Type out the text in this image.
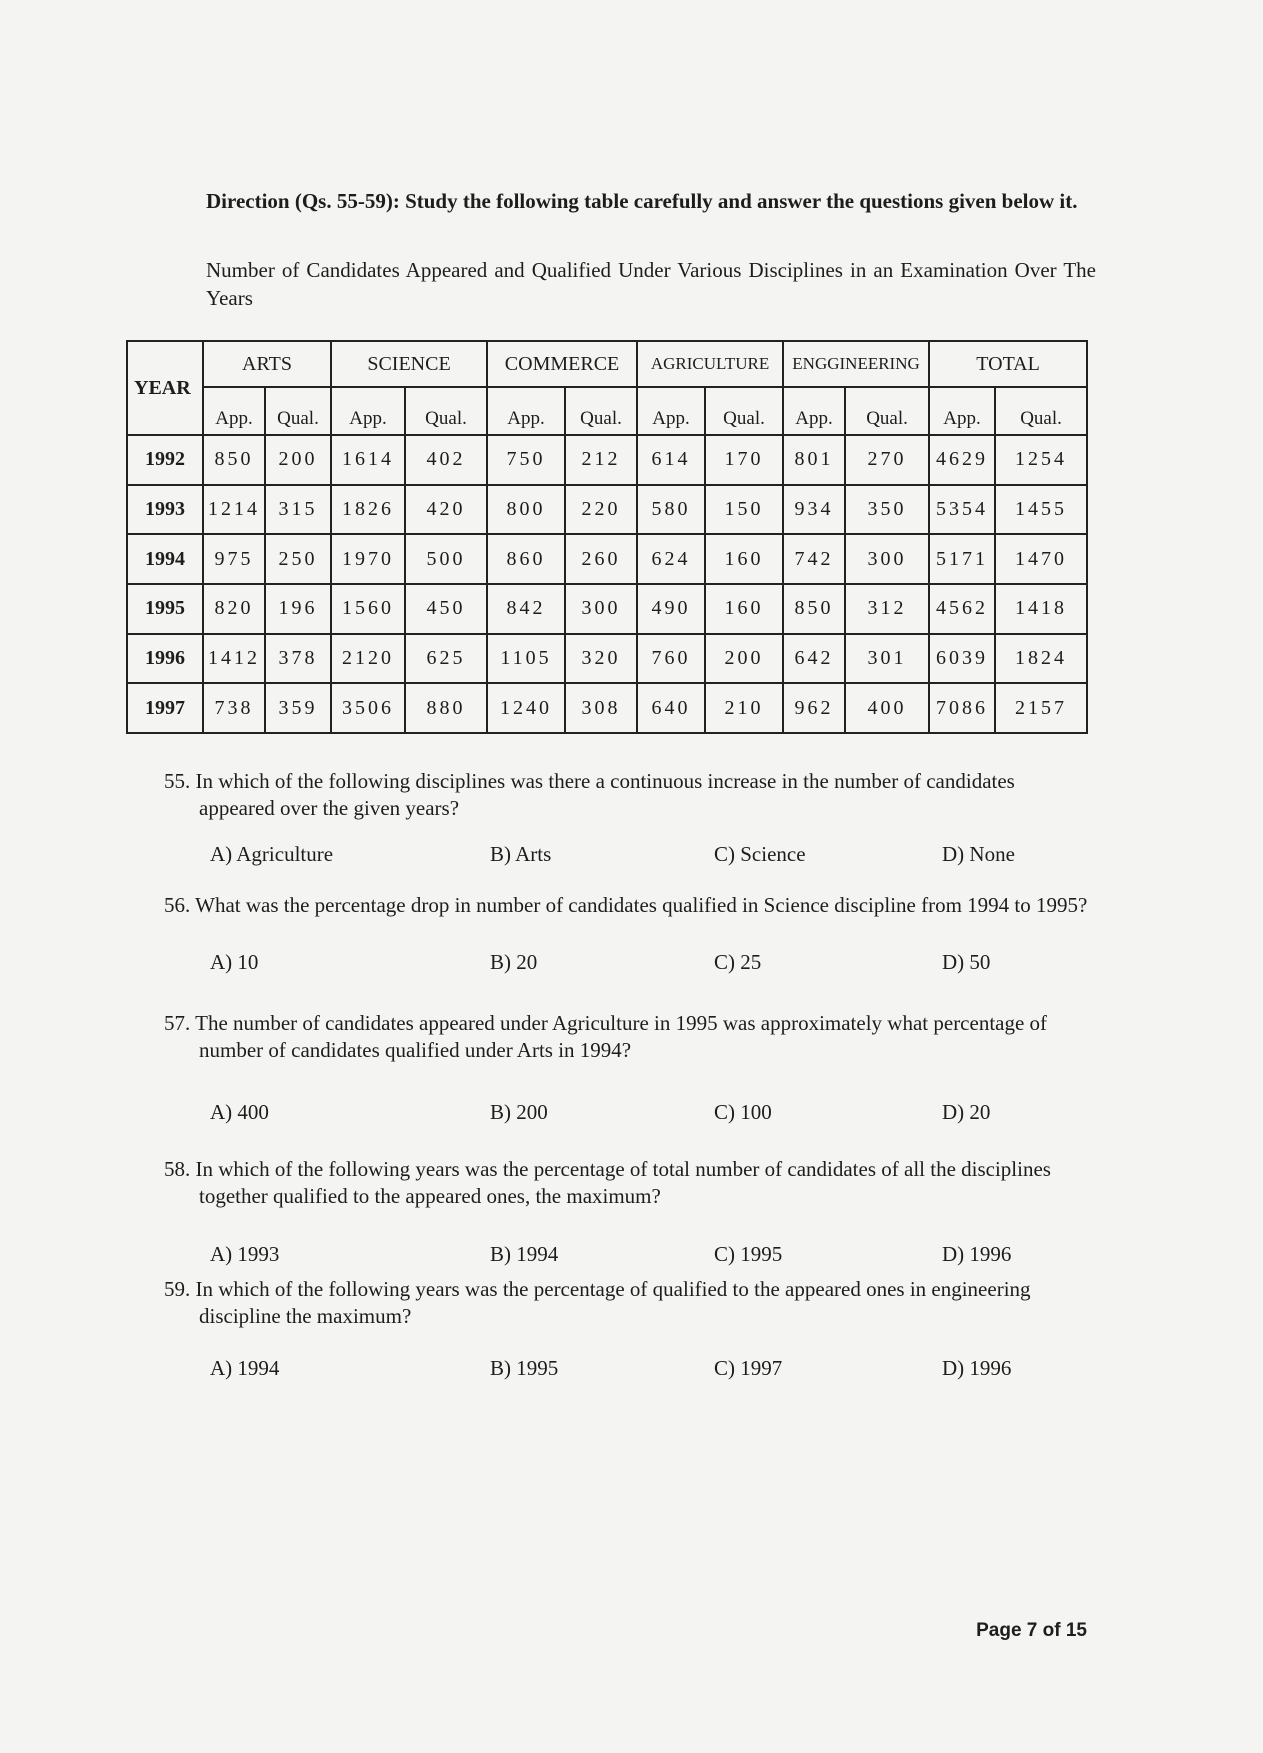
Direction (Qs. 55-59): Study the following table carefully and answer the questions given below it.
Number of Candidates Appeared and Qualified Under Various Disciplines in an Examination Over The Years
YEAR	ARTS		SCIENCE		COMMERCE		AGRICULTURE		ENGGINEERING		TOTAL	
	App.	Qual.	App.	Qual.	App.	Qual.	App.	Qual.	App.	Qual.	App.	Qual.
1992	850	200	1614	402	750	212	614	170	801	270	4629	1254
1993	1214	315	1826	420	800	220	580	150	934	350	5354	1455
1994	975	250	1970	500	860	260	624	160	742	300	5171	1470
1995	820	196	1560	450	842	300	490	160	850	312	4562	1418
1996	1412	378	2120	625	1105	320	760	200	642	301	6039	1824
1997	738	359	3506	880	1240	308	640	210	962	400	7086	2157
55. In which of the following disciplines was there a continuous increase in the number of candidates appeared over the given years?
A) Agriculture	B) Arts	C) Science	D) None
56. What was the percentage drop in number of candidates qualified in Science discipline from 1994 to 1995?
A) 10	B) 20	C) 25	D) 50
57. The number of candidates appeared under Agriculture in 1995 was approximately what percentage of number of candidates qualified under Arts in 1994?
A) 400	B) 200	C) 100	D) 20
58. In which of the following years was the percentage of total number of candidates of all the disciplines together qualified to the appeared ones, the maximum?
A) 1993	B) 1994	C) 1995	D) 1996
59. In which of the following years was the percentage of qualified to the appeared ones in engineering discipline the maximum?
A) 1994	B) 1995	C) 1997	D) 1996
Page 7 of 15
